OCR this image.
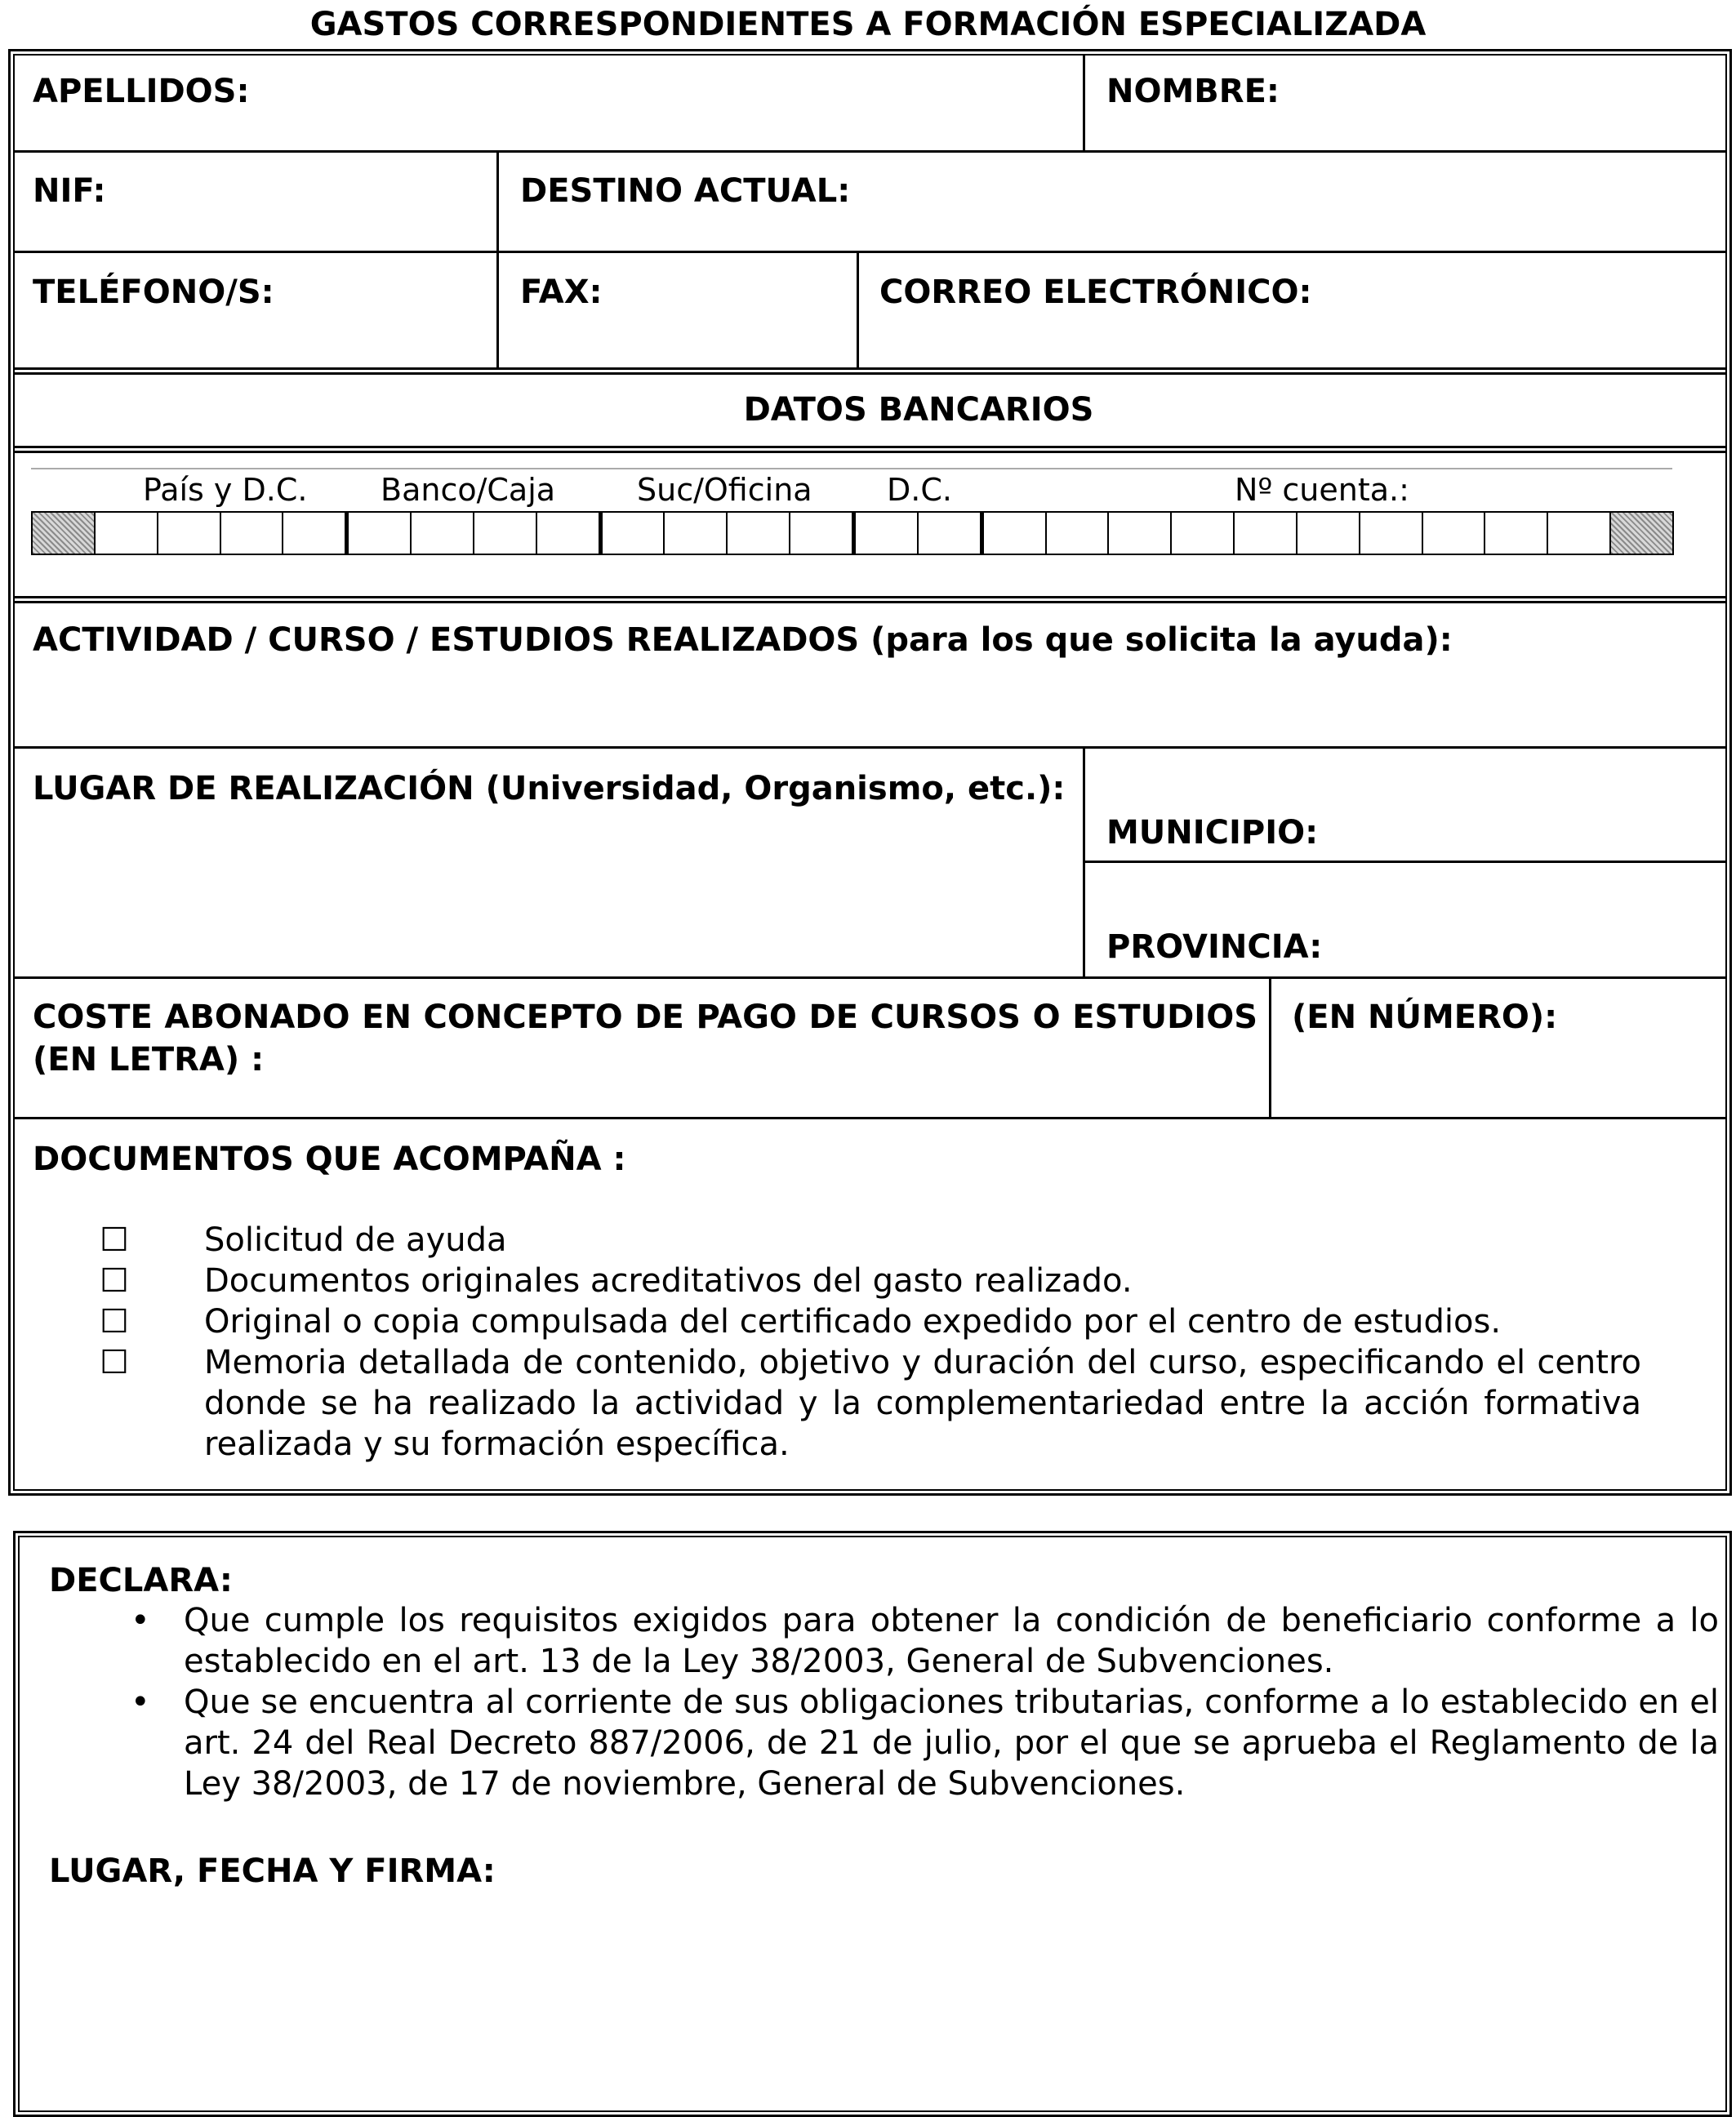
GASTOS CORRESPONDIENTES A FORMACIÓN ESPECIALIZADA
APELLIDOS:	NOMBRE:
NIF:	DESTINO ACTUAL:
TELÉFONO/S:	FAX:	CORREO ELECTRÓNICO:
DATOS BANCARIOS
País y D.C. Banco/Caja	Suc/Oficina D.C.	Nº cuenta.:
ACTIVIDAD / CURSO / ESTUDIOS REALIZADOS (para los que solicita la ayuda):
LUGAR DE REALIZACIÓN (Universidad, Organismo, etc.):
MUNICIPIO:
PROVINCIA:
COSTE ABONADO EN CONCEPTO DE PAGO DE CURSOS O ESTUDIOS (EN LETRA) :
(EN NÚMERO):
DOCUMENTOS QUE ACOMPAÑA :
☐ Solicitud de ayuda
☐ Documentos originales acreditativos del gasto realizado.
☐ Original o copia compulsada del certificado expedido por el centro de estudios.
☐ Memoria detallada de contenido, objetivo y duración del curso, especificando el centro donde se ha realizado la actividad y la complementariedad entre la acción formativa realizada y su formación específica.
DECLARA:
• Que cumple los requisitos exigidos para obtener la condición de beneficiario conforme a lo establecido en el art. 13 de la Ley 38/2003, General de Subvenciones.
• Que se encuentra al corriente de sus obligaciones tributarias, conforme a lo establecido en el art. 24 del Real Decreto 887/2006, de 21 de julio, por el que se aprueba el Reglamento de la Ley 38/2003, de 17 de noviembre, General de Subvenciones.
LUGAR, FECHA Y FIRMA:
